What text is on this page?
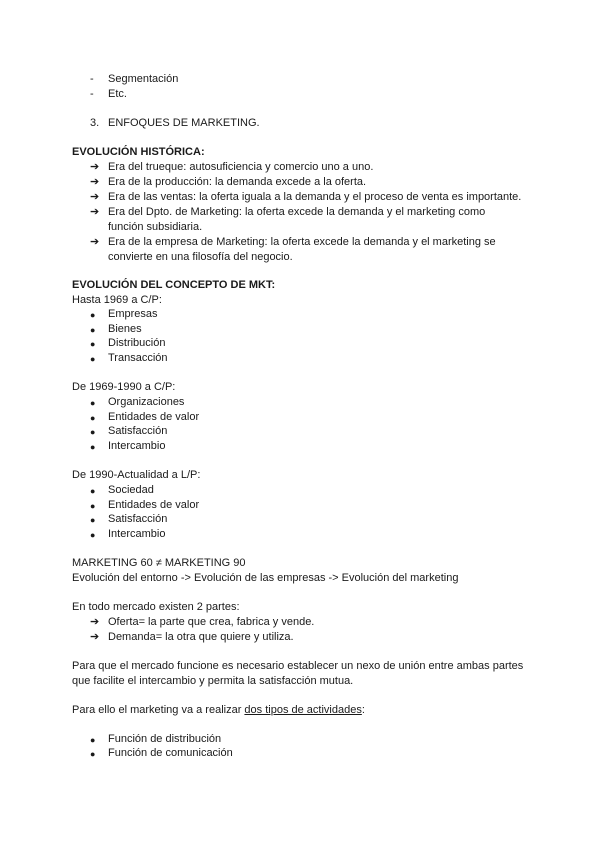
- Segmentación
- Etc.
3. ENFOQUES DE MARKETING.
EVOLUCIÓN HISTÓRICA:
➔ Era del trueque: autosuficiencia y comercio uno a uno.
➔ Era de la producción: la demanda excede a la oferta.
➔ Era de las ventas: la oferta iguala a la demanda y el proceso de venta es importante.
➔ Era del Dpto. de Marketing: la oferta excede la demanda y el marketing como
función subsidiaria.
➔ Era de la empresa de Marketing: la oferta excede la demanda y el marketing se
convierte en una filosofía del negocio.
EVOLUCIÓN DEL CONCEPTO DE MKT:
Hasta 1969 a C/P:
● Empresas
● Bienes
● Distribución
● Transacción
De 1969-1990 a C/P:
● Organizaciones
● Entidades de valor
● Satisfacción
● Intercambio
De 1990-Actualidad a L/P:
● Sociedad
● Entidades de valor
● Satisfacción
● Intercambio
MARKETING 60 ≠ MARKETING 90
Evolución del entorno -> Evolución de las empresas -> Evolución del marketing
En todo mercado existen 2 partes:
➔ Oferta= la parte que crea, fabrica y vende.
➔ Demanda= la otra que quiere y utiliza.
Para que el mercado funcione es necesario establecer un nexo de unión entre ambas partes
que facilite el intercambio y permita la satisfacción mutua.
Para ello el marketing va a realizar dos tipos de actividades:
● Función de distribución
● Función de comunicación
